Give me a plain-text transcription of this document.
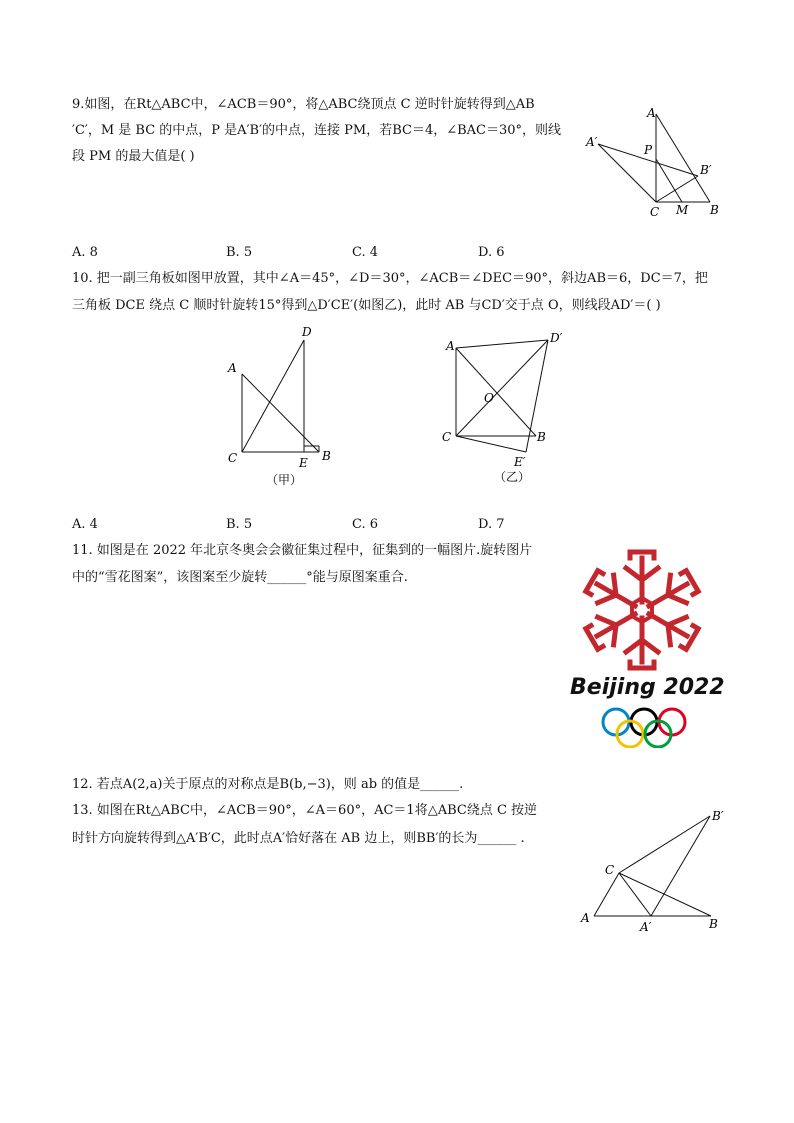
9.如图，在Rt△ABC中，∠ACB＝90°，将△ABC绕顶点 C 逆时针旋转得到△AB
′C′，M 是 BC 的中点，P 是A′B′的中点，连接 PM，若BC＝4，∠BAC＝30°，则线
段 PM 的最大值是( )
A
A′
P
B′
C M B
A. 8	B. 5	C. 4	D. 6
10. 把一副三角板如图甲放置，其中∠A＝45°，∠D＝30°，∠ACB＝∠DEC＝90°，斜边AB＝6，DC＝7，把
三角板 DCE 绕点 C 顺时针旋转15°得到△D′CE′(如图乙)，此时 AB 与CD′交于点 O，则线段AD′＝( )
D
A
C	E B
（甲）
A
D′
O
C	B
E′
（乙）
A. 4	B. 5	C. 6	D. 7
11. 如图是在 2022 年北京冬奥会会徽征集过程中，征集到的一幅图片.旋转图片
中的“雪花图案”，该图案至少旋转______°能与原图案重合.
Beijing 2022
12. 若点A(2,a)关于原点的对称点是B(b,−3)，则 ab 的值是______.
13. 如图在Rt△ABC中，∠ACB＝90°，∠A＝60°，AC＝1将△ABC绕点 C 按逆
时针方向旋转得到△A′B′C，此时点A′恰好落在 AB 边上，则BB′的长为______ .
B′
C
A
A′	B
